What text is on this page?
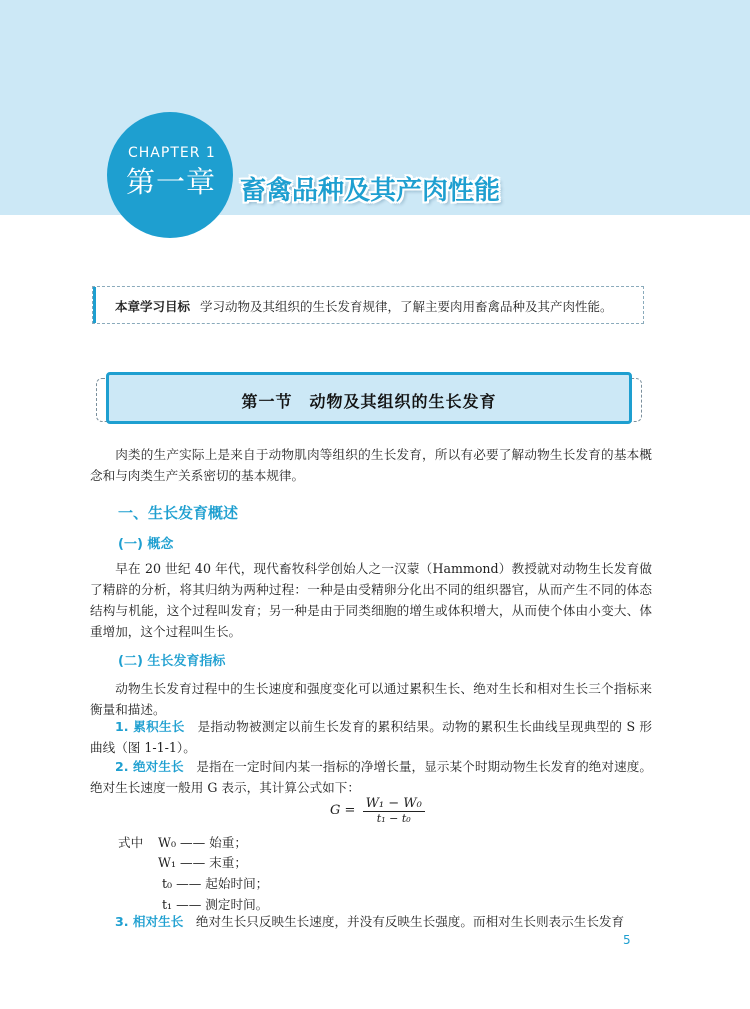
CHAPTER 1
第一章 畜禽品种及其产肉性能
本章学习目标 学习动物及其组织的生长发育规律，了解主要肉用畜禽品种及其产肉性能。
第一节　动物及其组织的生长发育
肉类的生产实际上是来自于动物肌肉等组织的生长发育，所以有必要了解动物生长发育的基本概念和与肉类生产关系密切的基本规律。
一、生长发育概述
(一) 概念
早在 20 世纪 40 年代，现代畜牧科学创始人之一汉蒙（Hammond）教授就对动物生长发育做了精辟的分析，将其归纳为两种过程：一种是由受精卵分化出不同的组织器官，从而产生不同的体态结构与机能，这个过程叫发育；另一种是由于同类细胞的增生或体积增大，从而使个体由小变大、体重增加，这个过程叫生长。
(二) 生长发育指标
动物生长发育过程中的生长速度和强度变化可以通过累积生长、绝对生长和相对生长三个指标来衡量和描述。
1. 累积生长　 是指动物被测定以前生长发育的累积结果。动物的累积生长曲线呈现典型的 S 形曲线（图 1-1-1）。
2. 绝对生长　 是指在一定时间内某一指标的净增长量，显示某个时期动物生长发育的绝对速度。绝对生长速度一般用 G 表示，其计算公式如下：
$G = \frac{\text{W₁ − W₀}}{\text{t₁ − t₀}}$
式中 W₀ —— 始重；
W₁ —— 末重；
t₀ —— 起始时间；
t₁ —— 测定时间。
3. 相对生长　 绝对生长只反映生长速度，并没有反映生长强度。而相对生长则表示生长发育
5
